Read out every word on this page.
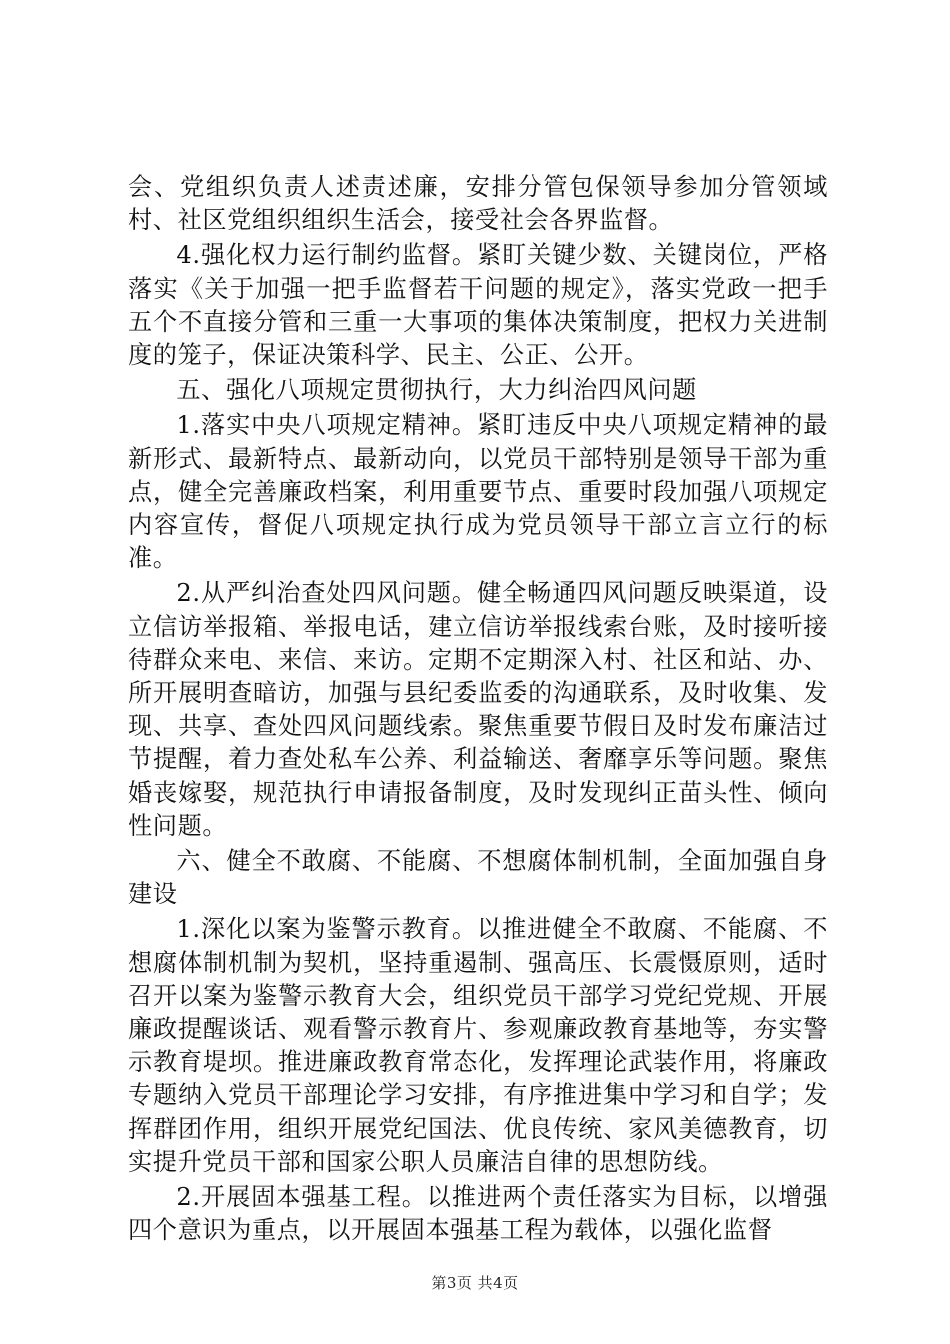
会、党组织负责人述责述廉，安排分管包保领导参加分管领域村、社区党组织组织生活会，接受社会各界监督。

4.强化权力运行制约监督。紧盯关键少数、关键岗位，严格落实《关于加强一把手监督若干问题的规定》，落实党政一把手五个不直接分管和三重一大事项的集体决策制度，把权力关进制度的笼子，保证决策科学、民主、公正、公开。

五、强化八项规定贯彻执行，大力纠治四风问题

1.落实中央八项规定精神。紧盯违反中央八项规定精神的最新形式、最新特点、最新动向，以党员干部特别是领导干部为重点，健全完善廉政档案，利用重要节点、重要时段加强八项规定内容宣传，督促八项规定执行成为党员领导干部立言立行的标准。

2.从严纠治查处四风问题。健全畅通四风问题反映渠道，设立信访举报箱、举报电话，建立信访举报线索台账，及时接听接待群众来电、来信、来访。定期不定期深入村、社区和站、办、所开展明查暗访，加强与县纪委监委的沟通联系，及时收集、发现、共享、查处四风问题线索。聚焦重要节假日及时发布廉洁过节提醒，着力查处私车公养、利益输送、奢靡享乐等问题。聚焦婚丧嫁娶，规范执行申请报备制度，及时发现纠正苗头性、倾向性问题。

六、健全不敢腐、不能腐、不想腐体制机制，全面加强自身建设

1.深化以案为鉴警示教育。以推进健全不敢腐、不能腐、不想腐体制机制为契机，坚持重遏制、强高压、长震慑原则，适时召开以案为鉴警示教育大会，组织党员干部学习党纪党规、开展廉政提醒谈话、观看警示教育片、参观廉政教育基地等，夯实警示教育堤坝。推进廉政教育常态化，发挥理论武装作用，将廉政专题纳入党员干部理论学习安排，有序推进集中学习和自学；发挥群团作用，组织开展党纪国法、优良传统、家风美德教育，切实提升党员干部和国家公职人员廉洁自律的思想防线。

2.开展固本强基工程。以推进两个责任落实为目标，以增强四个意识为重点，以开展固本强基工程为载体，以强化监督

第3页 共4页
